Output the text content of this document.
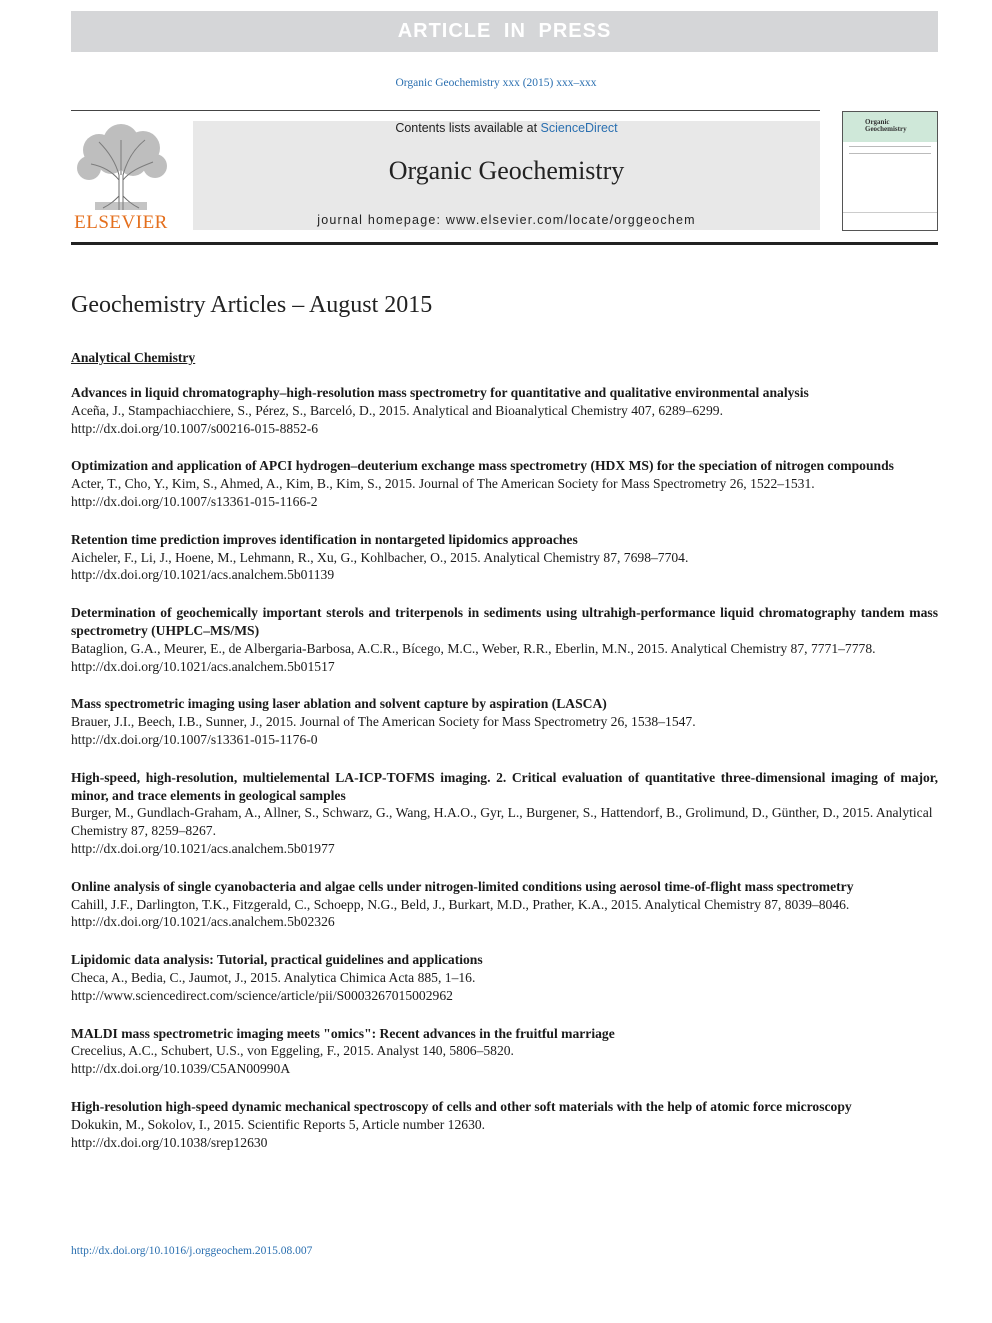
ARTICLE IN PRESS
Organic Geochemistry xxx (2015) xxx–xxx
ELSEVIER
Contents lists available at ScienceDirect
Organic Geochemistry
journal homepage: www.elsevier.com/locate/orggeochem
Organic
Geochemistry
Geochemistry Articles – August 2015
Analytical Chemistry
Advances in liquid chromatography–high-resolution mass spectrometry for quantitative and qualitative environmental analysis
Aceña, J., Stampachiacchiere, S., Pérez, S., Barceló, D., 2015. Analytical and Bioanalytical Chemistry 407, 6289–6299.
http://dx.doi.org/10.1007/s00216-015-8852-6
Optimization and application of APCI hydrogen–deuterium exchange mass spectrometry (HDX MS) for the speciation of nitrogen compounds
Acter, T., Cho, Y., Kim, S., Ahmed, A., Kim, B., Kim, S., 2015. Journal of The American Society for Mass Spectrometry 26, 1522–1531.
http://dx.doi.org/10.1007/s13361-015-1166-2
Retention time prediction improves identification in nontargeted lipidomics approaches
Aicheler, F., Li, J., Hoene, M., Lehmann, R., Xu, G., Kohlbacher, O., 2015. Analytical Chemistry 87, 7698–7704.
http://dx.doi.org/10.1021/acs.analchem.5b01139
Determination of geochemically important sterols and triterpenols in sediments using ultrahigh-performance liquid chromatography tandem mass spectrometry (UHPLC–MS/MS)
Bataglion, G.A., Meurer, E., de Albergaria-Barbosa, A.C.R., Bícego, M.C., Weber, R.R., Eberlin, M.N., 2015. Analytical Chemistry 87, 7771–7778.
http://dx.doi.org/10.1021/acs.analchem.5b01517
Mass spectrometric imaging using laser ablation and solvent capture by aspiration (LASCA)
Brauer, J.I., Beech, I.B., Sunner, J., 2015. Journal of The American Society for Mass Spectrometry 26, 1538–1547.
http://dx.doi.org/10.1007/s13361-015-1176-0
High-speed, high-resolution, multielemental LA-ICP-TOFMS imaging. 2. Critical evaluation of quantitative three-dimensional imaging of major, minor, and trace elements in geological samples
Burger, M., Gundlach-Graham, A., Allner, S., Schwarz, G., Wang, H.A.O., Gyr, L., Burgener, S., Hattendorf, B., Grolimund, D., Günther, D., 2015. Analytical Chemistry 87, 8259–8267.
http://dx.doi.org/10.1021/acs.analchem.5b01977
Online analysis of single cyanobacteria and algae cells under nitrogen-limited conditions using aerosol time-of-flight mass spectrometry
Cahill, J.F., Darlington, T.K., Fitzgerald, C., Schoepp, N.G., Beld, J., Burkart, M.D., Prather, K.A., 2015. Analytical Chemistry 87, 8039–8046.
http://dx.doi.org/10.1021/acs.analchem.5b02326
Lipidomic data analysis: Tutorial, practical guidelines and applications
Checa, A., Bedia, C., Jaumot, J., 2015. Analytica Chimica Acta 885, 1–16.
http://www.sciencedirect.com/science/article/pii/S0003267015002962
MALDI mass spectrometric imaging meets "omics": Recent advances in the fruitful marriage
Crecelius, A.C., Schubert, U.S., von Eggeling, F., 2015. Analyst 140, 5806–5820.
http://dx.doi.org/10.1039/C5AN00990A
High-resolution high-speed dynamic mechanical spectroscopy of cells and other soft materials with the help of atomic force microscopy
Dokukin, M., Sokolov, I., 2015. Scientific Reports 5, Article number 12630.
http://dx.doi.org/10.1038/srep12630
http://dx.doi.org/10.1016/j.orggeochem.2015.08.007
